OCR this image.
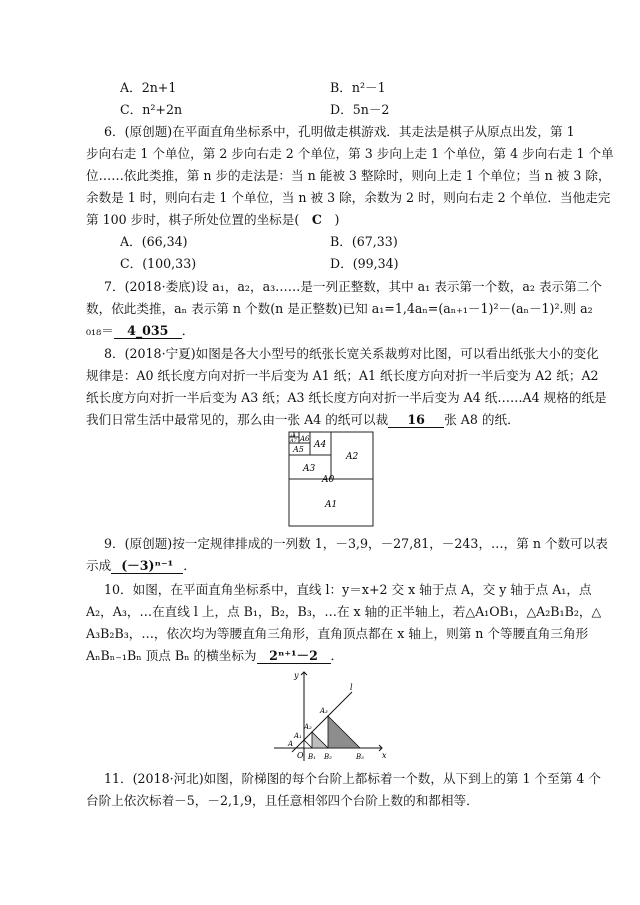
A．2n+1	B．n²－1
C．n²+2n	D．5n－2
6．(原创题)在平面直角坐标系中，孔明做走棋游戏．其走法是棋子从原点出发，第 1
步向右走 1 个单位，第 2 步向右走 2 个单位，第 3 步向上走 1 个单位，第 4 步向右走 1 个单
位……依此类推，第 n 步的走法是：当 n 能被 3 整除时，则向上走 1 个单位；当 n 被 3 除，
余数是 1 时，则向右走 1 个单位，当 n 被 3 除，余数为 2 时，则向右走 2 个单位．当他走完
第 100 步时，棋子所处位置的坐标是(　C　)
A．(66,34)	B．(67,33)
C．(100,33)	D．(99,34)
7．(2018·娄底)设 a₁，a₂，a₃……是一列正整数，其中 a₁ 表示第一个数，a₂ 表示第二个
数，依此类推，aₙ 表示第 n 个数(n 是正整数)已知 a₁=1,4aₙ=(aₙ₊₁－1)²－(aₙ－1)².则 a₂
₀₁₈＝ 4_035 ．
8．(2018·宁夏)如图是各大小型号的纸张长宽关系裁剪对比图，可以看出纸张大小的变化
规律是：A0 纸长度方向对折一半后变为 A1 纸；A1 纸长度方向对折一半后变为 A2 纸；A2
纸长度方向对折一半后变为 A3 纸；A3 纸长度方向对折一半后变为 A4 纸……A4 规格的纸是
我们日常生活中最常见的，那么由一张 A4 的纸可以裁 16 张 A8 的纸．
A8
A7 A6
A5 A4
A3
A2
A0
A1
9．(原创题)按一定规律排成的一列数 1，－3,9，－27,81，－243，…，第 n 个数可以表
示成 (－3)ⁿ⁻¹ ．
10．如图，在平面直角坐标系中，直线 l：y＝x+2 交 x 轴于点 A，交 y 轴于点 A₁，点
A₂，A₃，…在直线 l 上，点 B₁，B₂，B₃，…在 x 轴的正半轴上，若△A₁OB₁，△A₂B₁B₂，△
A₃B₂B₃，…，依次均为等腰直角三角形，直角顶点都在 x 轴上，则第 n 个等腰直角三角形
AₙBₙ₋₁Bₙ 顶点 Bₙ 的横坐标为 2ⁿ⁺¹－2 ．
y
x
l
O
A
A₁
A₂
A₃
B₁ B₂	B₃
11．(2018·河北)如图，阶梯图的每个台阶上都标着一个数，从下到上的第 1 个至第 4 个
台阶上依次标着－5，－2,1,9，且任意相邻四个台阶上数的和都相等．
